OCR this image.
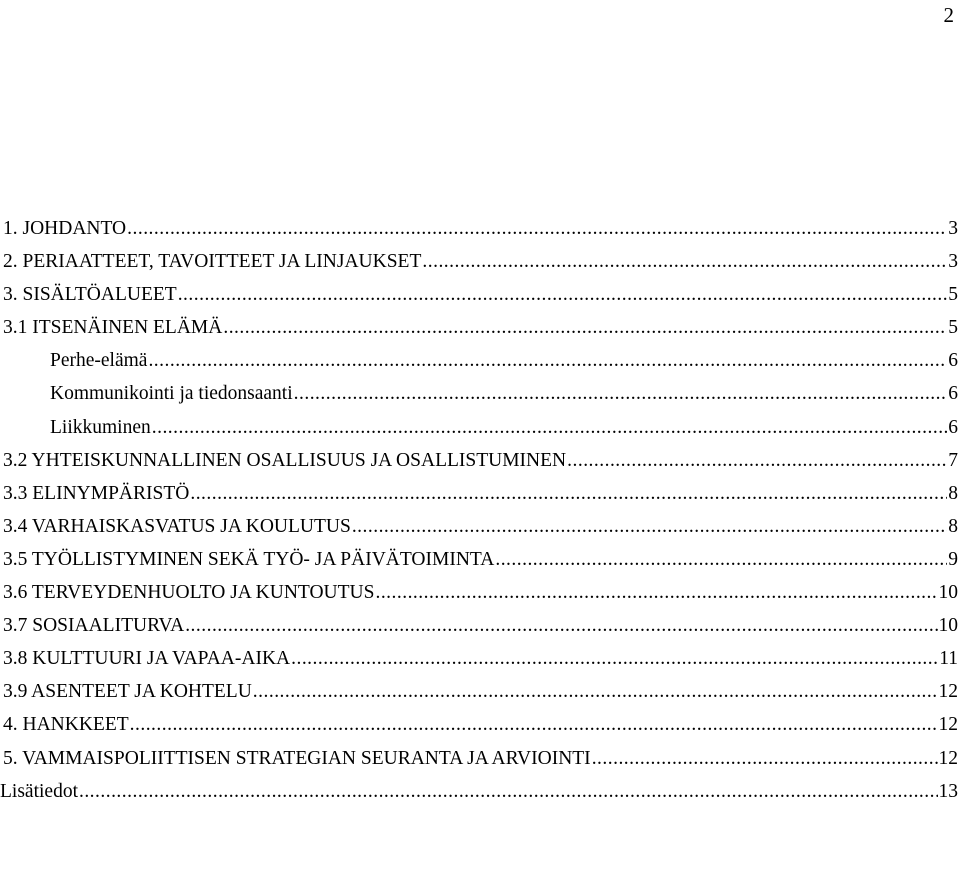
2
1. JOHDANTO . . .	3
2. PERIAATTEET, TAVOITTEET JA LINJAUKSET . . .	3
3. SISÄLTÖALUEET . . .	5
3.1 ITSENÄINEN ELÄMÄ . . .	5
Perhe-elämä . . .	6
Kommunikointi ja tiedonsaanti . . .	6
Liikkuminen . . .	6
3.2 YHTEISKUNNALLINEN OSALLISUUS JA OSALLISTUMINEN . . .	7
3.3 ELINYMPÄRISTÖ . . .	8
3.4 VARHAISKASVATUS JA KOULUTUS . . .	8
3.5 TYÖLLISTYMINEN SEKÄ TYÖ- JA PÄIVÄTOIMINTA . . .	9
3.6 TERVEYDENHUOLTO JA KUNTOUTUS . . .	10
3.7 SOSIAALITURVA . . .	10
3.8 KULTTUURI JA VAPAA-AIKA . . .	11
3.9 ASENTEET JA KOHTELU . . .	12
4. HANKKEET . . .	12
5. VAMMAISPOLIITTISEN STRATEGIAN SEURANTA JA ARVIOINTI . . .	12
Lisätiedot . . .	13
